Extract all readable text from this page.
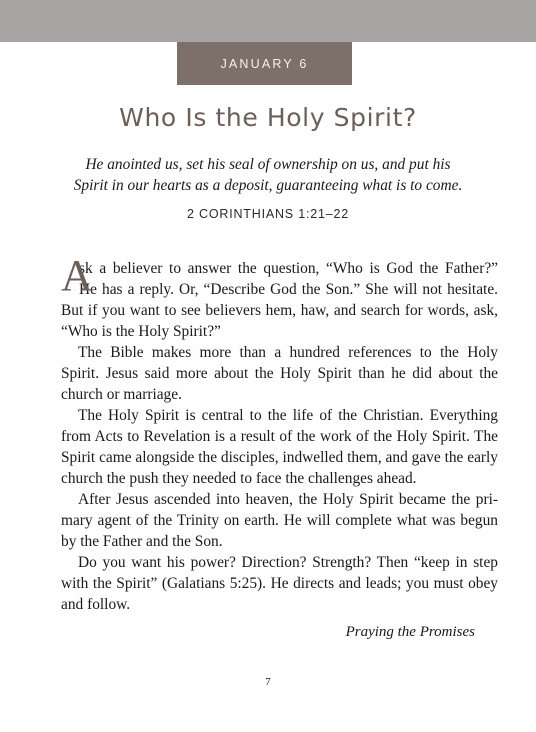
JANUARY 6
Who Is the Holy Spirit?
He anointed us, set his seal of ownership on us, and put his
Spirit in our hearts as a deposit, guaranteeing what is to come.
2 CORINTHIANS 1:21–22
A
sk a believer to answer the question, “Who is God the Father?”
He has a reply. Or, “Describe God the Son.” She will not hesitate.
But if you want to see believers hem, haw, and search for words, ask,
“Who is the Holy Spirit?”
The Bible makes more than a hundred references to the Holy
Spirit. Jesus said more about the Holy Spirit than he did about the
church or marriage.
The Holy Spirit is central to the life of the Christian. Everything
from Acts to Revelation is a result of the work of the Holy Spirit. The
Spirit came alongside the disciples, indwelled them, and gave the early
church the push they needed to face the challenges ahead.
After Jesus ascended into heaven, the Holy Spirit became the pri-
mary agent of the Trinity on earth. He will complete what was begun
by the Father and the Son.
Do you want his power? Direction? Strength? Then “keep in step
with the Spirit” (Galatians 5:25). He directs and leads; you must obey
and follow.
Praying the Promises
7
